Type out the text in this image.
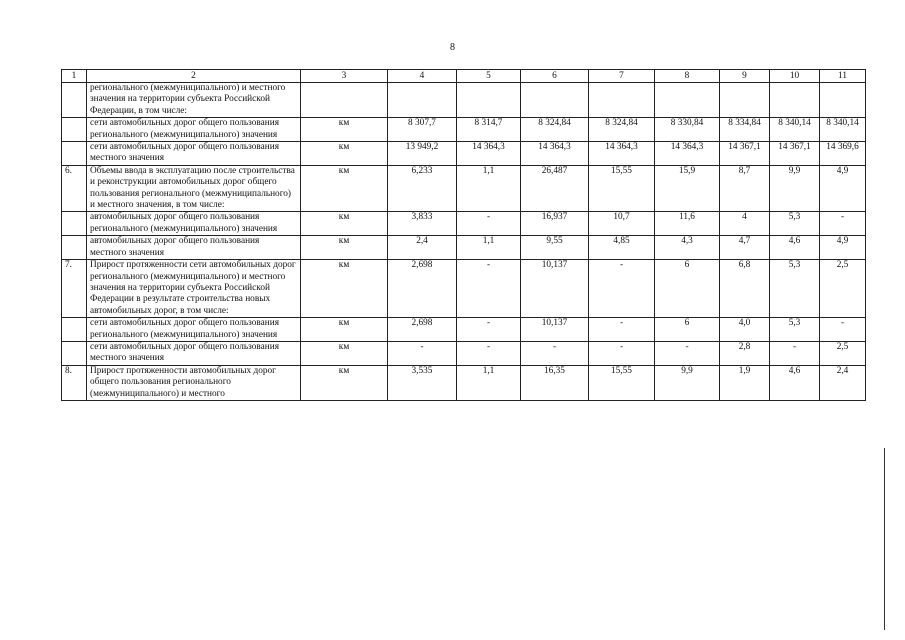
8
1	2	3	4	5	6	7	8	9	10	11
	регионального (межмуниципального) и местного значения на территории субъекта Российской Федерации, в том числе:									
	сети автомобильных дорог общего пользования регионального (межмуниципального) значения	км	8 307,7	8 314,7	8 324,84	8 324,84	8 330,84	8 334,84	8 340,14	8 340,14
	сети автомобильных дорог общего пользования местного значения	км	13 949,2	14 364,3	14 364,3	14 364,3	14 364,3	14 367,1	14 367,1	14 369,6
6.	Объемы ввода в эксплуатацию после строительства и реконструкции автомобильных дорог общего пользования регионального (межмуниципального) и местного значения, в том числе:	км	6,233	1,1	26,487	15,55	15,9	8,7	9,9	4,9
	автомобильных дорог общего пользования регионального (межмуниципального) значения	км	3,833	-	16,937	10,7	11,6	4	5,3	-
	автомобильных дорог общего пользования местного значения	км	2,4	1,1	9,55	4,85	4,3	4,7	4,6	4,9
7.	Прирост протяженности сети автомобильных дорог регионального (межмуниципального) и местного значения на территории субъекта Российской Федерации в результате строительства новых автомобильных дорог, в том числе:	км	2,698	-	10,137	-	6	6,8	5,3	2,5
	сети автомобильных дорог общего пользования регионального (межмуниципального) значения	км	2,698	-	10,137	-	6	4,0	5,3	-
	сети автомобильных дорог общего пользования местного значения	км	-	-	-	-	-	2,8	-	2,5
8.	Прирост протяженности автомобильных дорог общего пользования регионального (межмуниципального) и местного	км	3,535	1,1	16,35	15,55	9,9	1,9	4,6	2,4
